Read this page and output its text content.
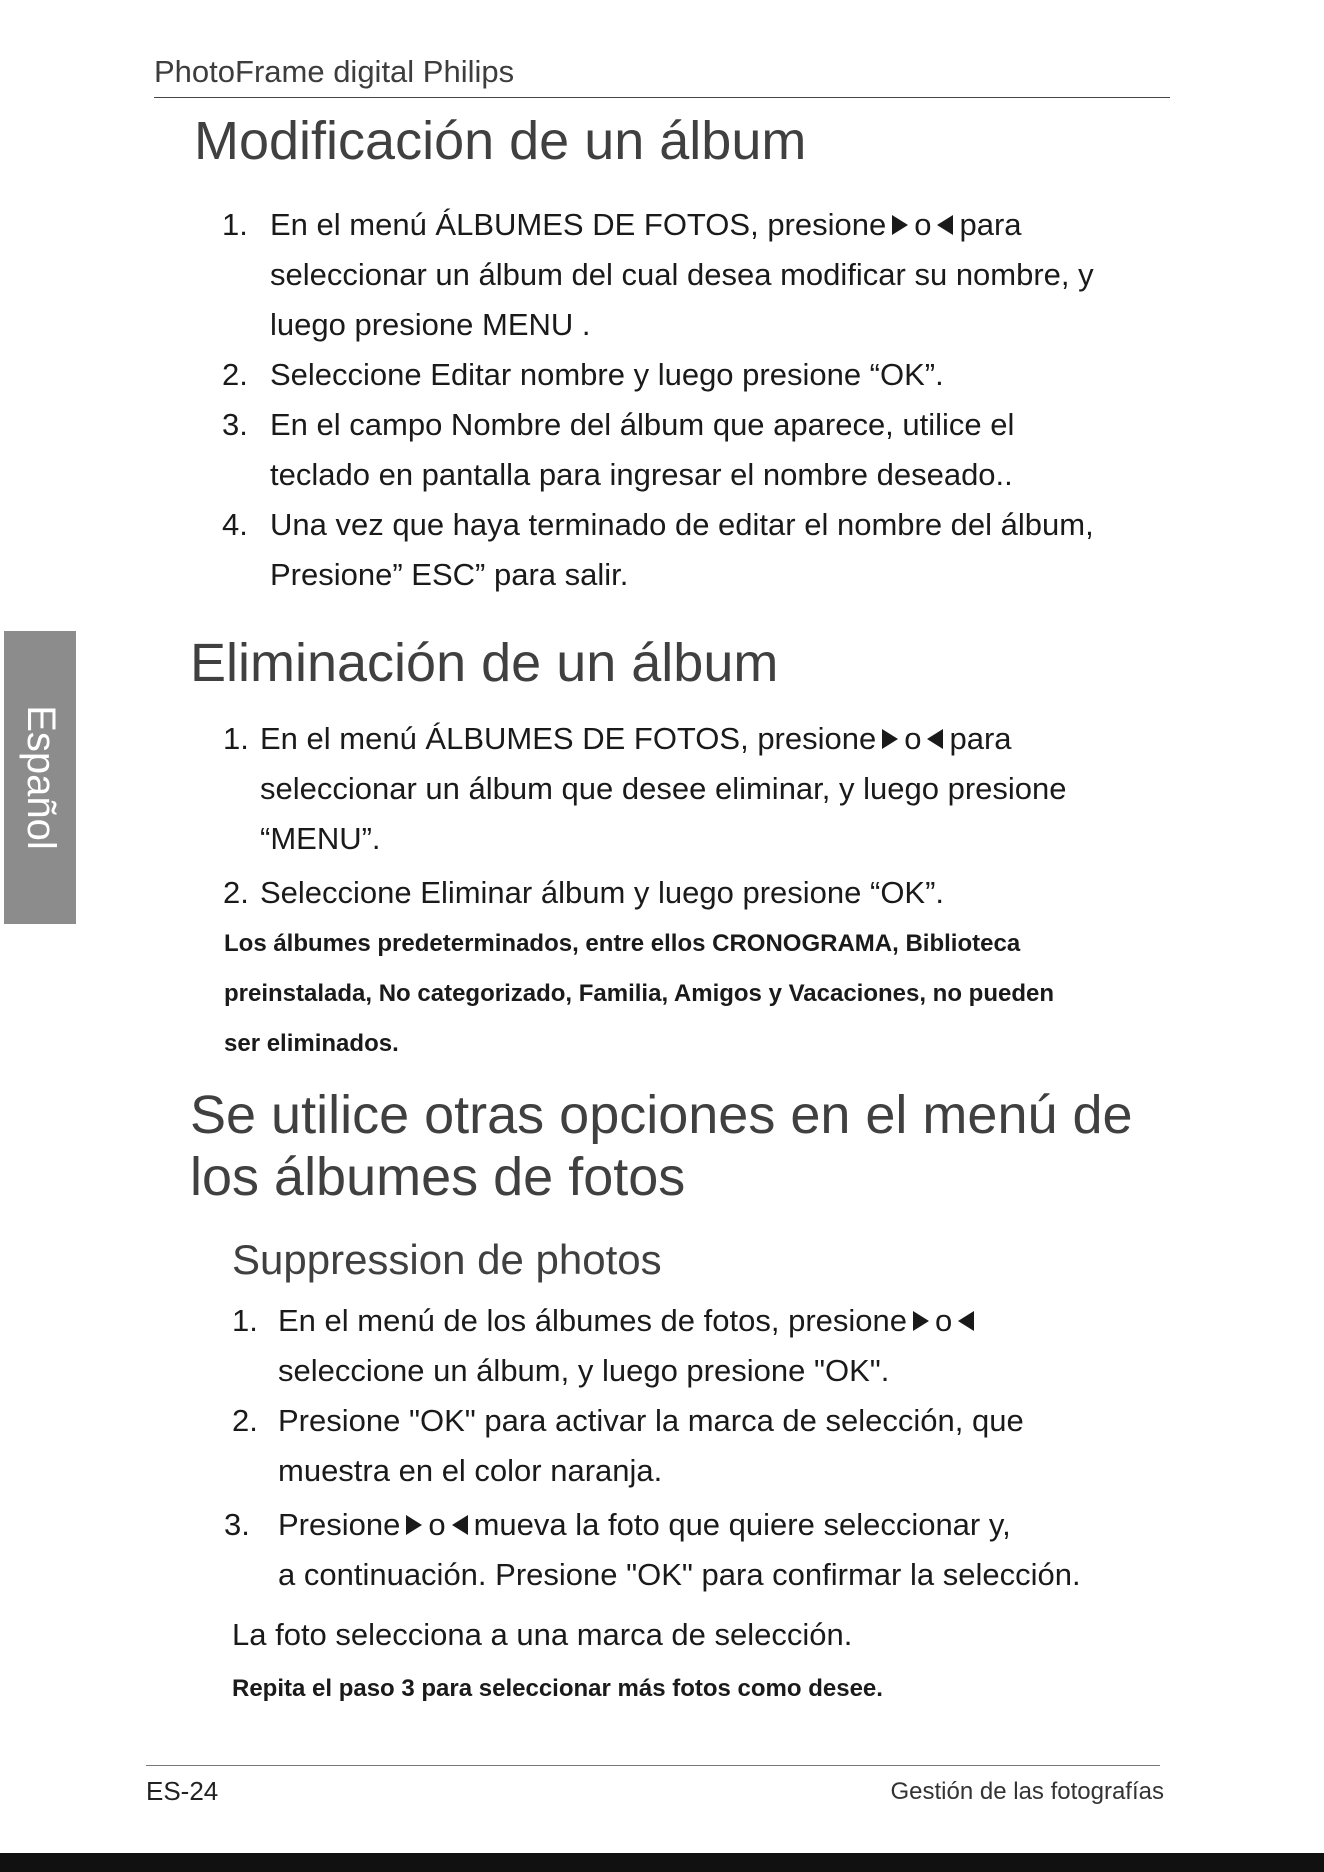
PhotoFrame digital Philips
Español
Modificación de un álbum
1. En el menú ÁLBUMES DE FOTOS, presione o para
seleccionar un álbum del cual desea modificar su nombre, y
luego presione MENU .
2. Seleccione Editar nombre y luego presione “OK”.
3. En el campo Nombre del álbum que aparece, utilice el
teclado en pantalla para ingresar el nombre deseado..
4. Una vez que haya terminado de editar el nombre del álbum,
Presione” ESC” para salir.
Eliminación de un álbum
1. En el menú ÁLBUMES DE FOTOS, presione o para
seleccionar un álbum que desee eliminar, y luego presione
“MENU”.
2. Seleccione Eliminar álbum y luego presione “OK”.
Los álbumes predeterminados, entre ellos CRONOGRAMA, Biblioteca
preinstalada, No categorizado, Familia, Amigos y Vacaciones, no pueden
ser eliminados.
Se utilice otras opciones en el menú de
los álbumes de fotos
Suppression de photos
1. En el menú de los álbumes de fotos, presione o
seleccione un álbum, y luego presione "OK".
2. Presione "OK" para activar la marca de selección, que
muestra en el color naranja.
3. Presione o mueva la foto que quiere seleccionar y,
a continuación. Presione "OK" para confirmar la selección.

La foto selecciona a una marca de selección.

Repita el paso 3 para seleccionar más fotos como desee.

ES-24	Gestión de las fotografías
